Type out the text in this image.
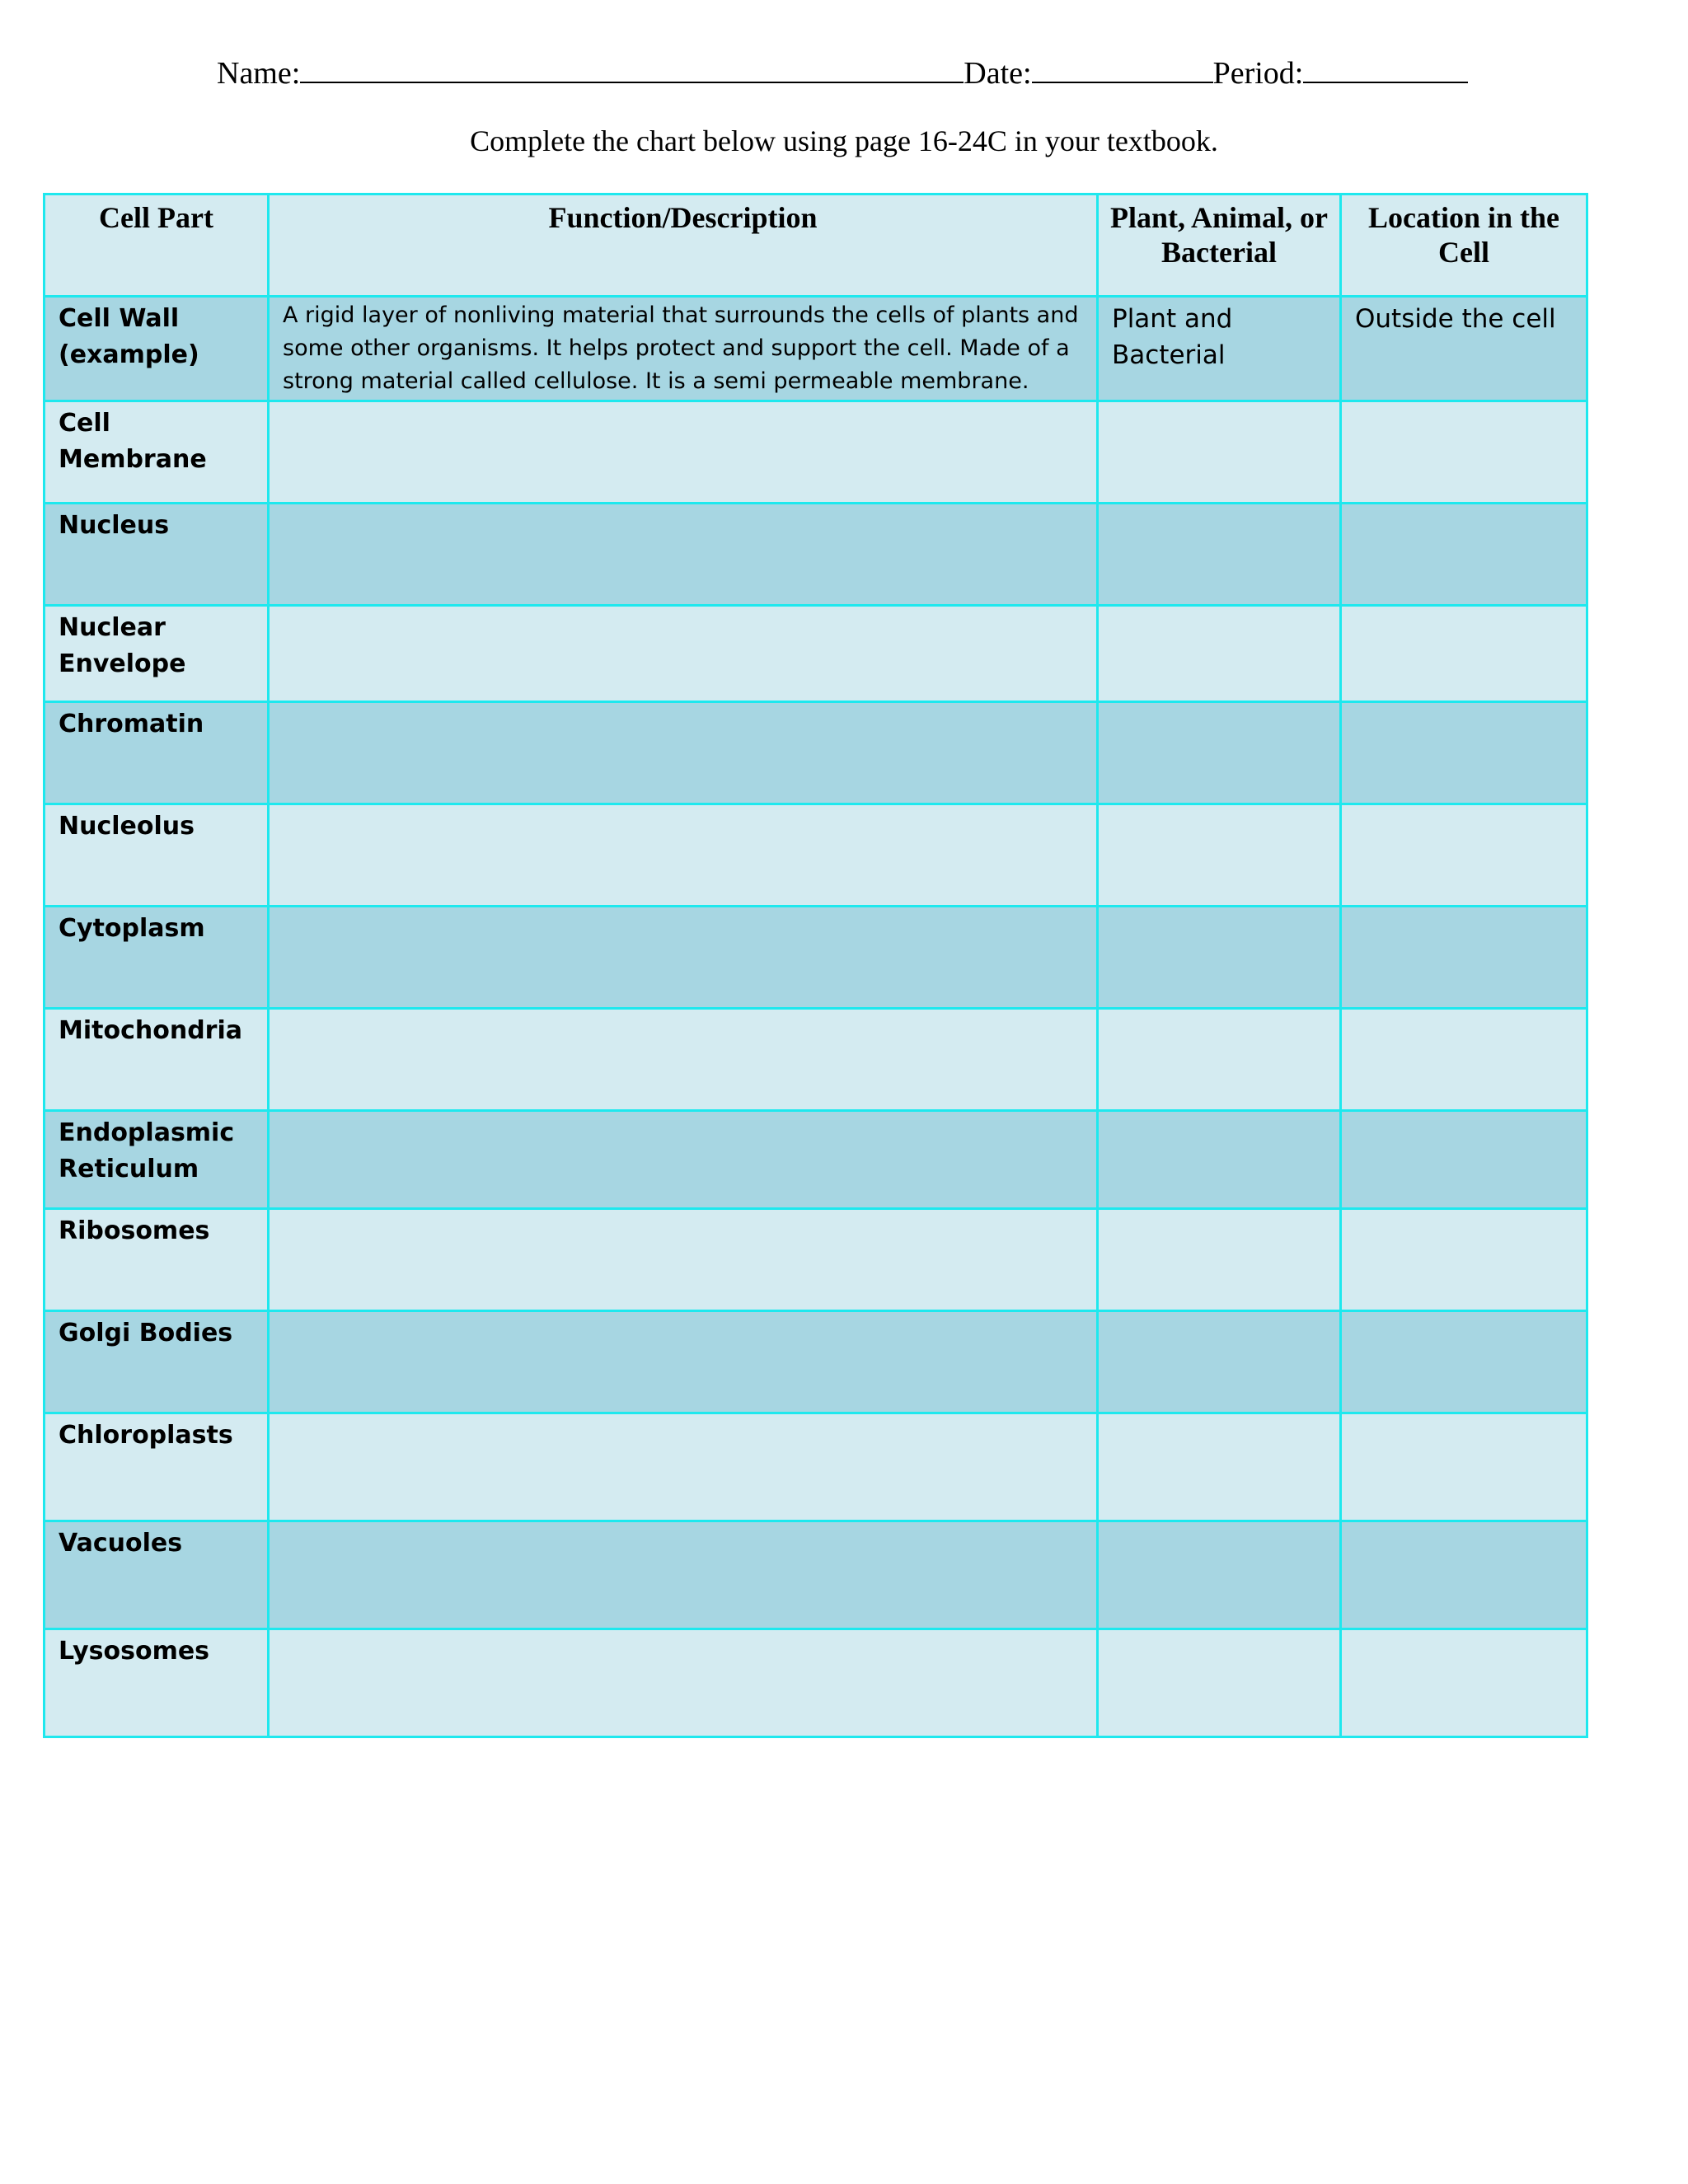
Name:	Date:	Period:
Complete the chart below using page 16-24C in your textbook.
Cell Part	Function/Description	Plant, Animal, or Bacterial	Location in the Cell

Cell Wall (example)	A rigid layer of nonliving material that surrounds the cells of plants and some other organisms. It helps protect and support the cell. Made of a strong material called cellulose. It is a semi permeable membrane.	Plant and Bacterial	Outside the cell

Cell Membrane			

Nucleus			

Nuclear Envelope			

Chromatin			

Nucleolus			

Cytoplasm			

Mitochondria			

Endoplasmic Reticulum			

Ribosomes			

Golgi Bodies			

Chloroplasts			

Vacuoles			

Lysosomes			
